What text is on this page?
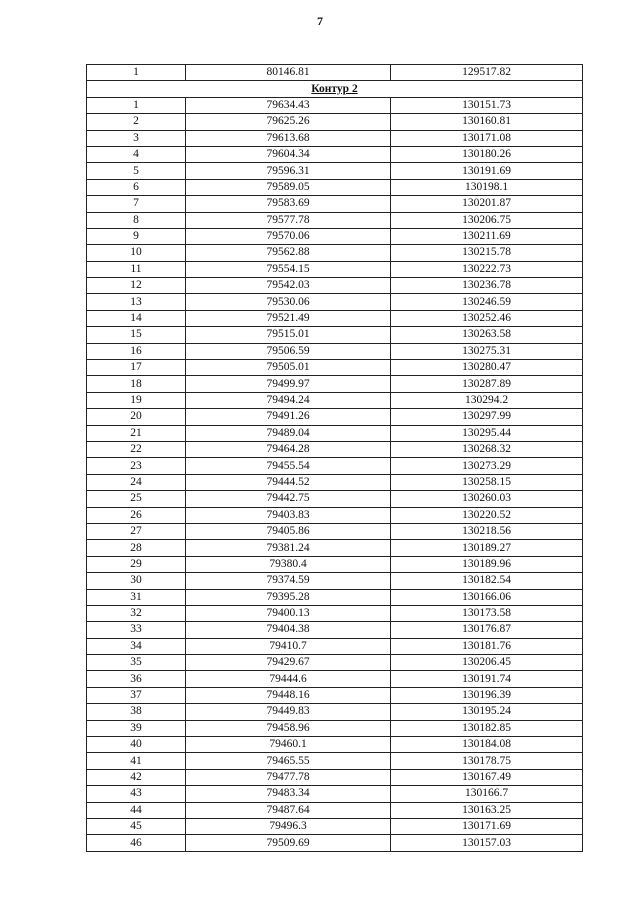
7
1	80146.81	129517.82
Контур 2		
1	79634.43	130151.73
2	79625.26	130160.81
3	79613.68	130171.08
4	79604.34	130180.26
5	79596.31	130191.69
6	79589.05	130198.1
7	79583.69	130201.87
8	79577.78	130206.75
9	79570.06	130211.69
10	79562.88	130215.78
11	79554.15	130222.73
12	79542.03	130236.78
13	79530.06	130246.59
14	79521.49	130252.46
15	79515.01	130263.58
16	79506.59	130275.31
17	79505.01	130280.47
18	79499.97	130287.89
19	79494.24	130294.2
20	79491.26	130297.99
21	79489.04	130295.44
22	79464.28	130268.32
23	79455.54	130273.29
24	79444.52	130258.15
25	79442.75	130260.03
26	79403.83	130220.52
27	79405.86	130218.56
28	79381.24	130189.27
29	79380.4	130189.96
30	79374.59	130182.54
31	79395.28	130166.06
32	79400.13	130173.58
33	79404.38	130176.87
34	79410.7	130181.76
35	79429.67	130206.45
36	79444.6	130191.74
37	79448.16	130196.39
38	79449.83	130195.24
39	79458.96	130182.85
40	79460.1	130184.08
41	79465.55	130178.75
42	79477.78	130167.49
43	79483.34	130166.7
44	79487.64	130163.25
45	79496.3	130171.69
46	79509.69	130157.03
